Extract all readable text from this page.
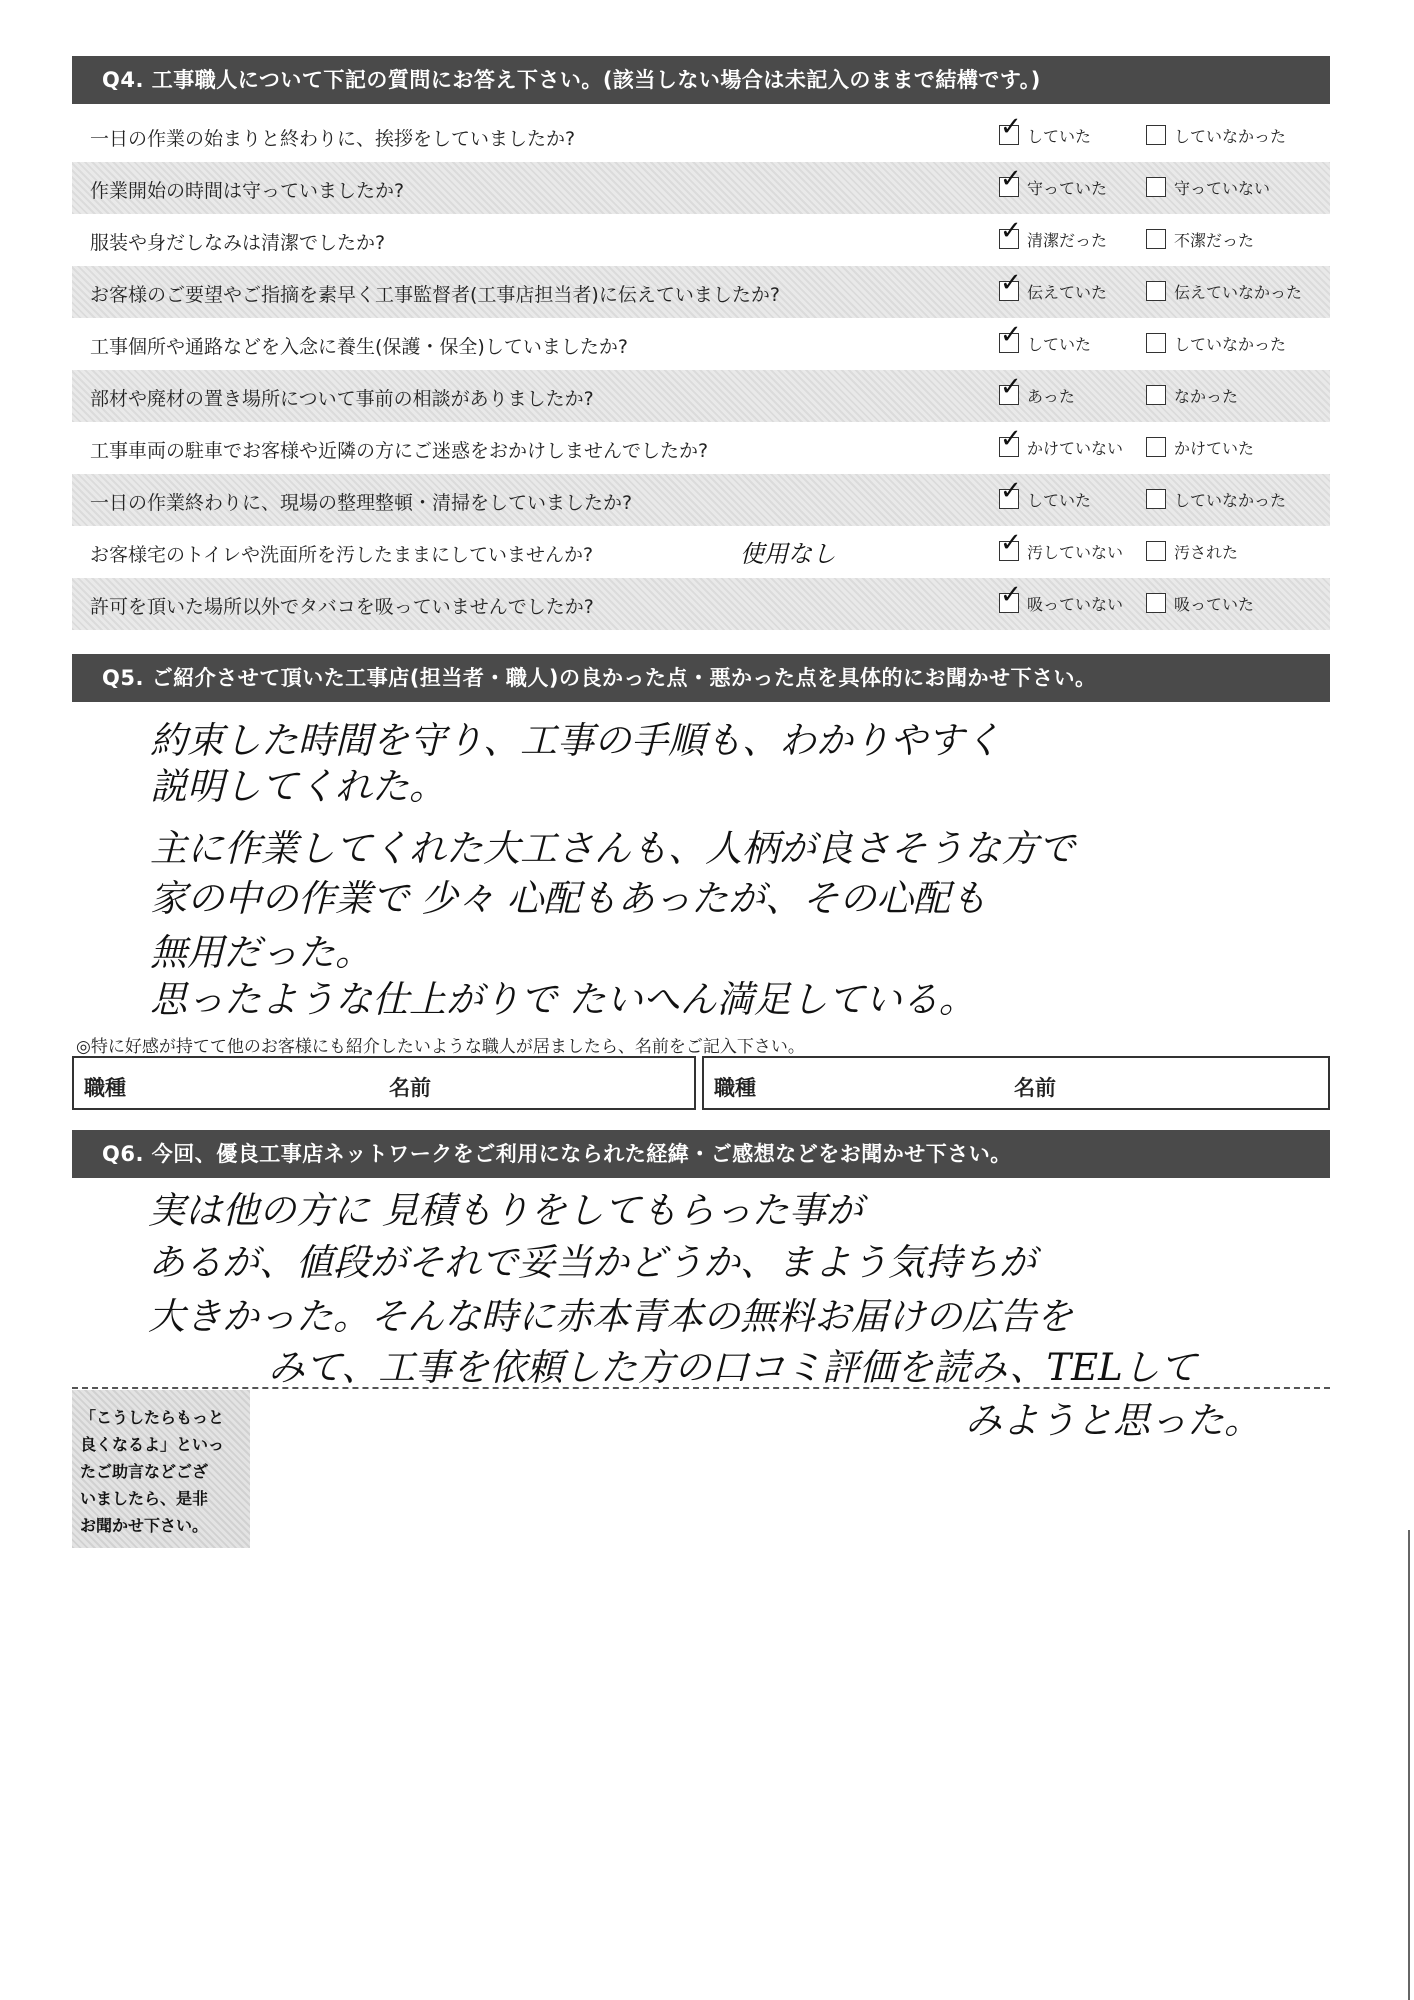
Q4. 工事職人について下記の質問にお答え下さい。(該当しない場合は未記入のままで結構です。)
一日の作業の始まりと終わりに、挨拶をしていましたか?	✓ していた	していなかった
作業開始の時間は守っていましたか?	✓ 守っていた	守っていない
服装や身だしなみは清潔でしたか?	✓ 清潔だった	不潔だった
お客様のご要望やご指摘を素早く工事監督者(工事店担当者)に伝えていましたか?	✓ 伝えていた	伝えていなかった
工事個所や通路などを入念に養生(保護・保全)していましたか?	✓ していた	していなかった
部材や廃材の置き場所について事前の相談がありましたか?	✓ あった	なかった
工事車両の駐車でお客様や近隣の方にご迷惑をおかけしませんでしたか?	✓ かけていない	かけていた
一日の作業終わりに、現場の整理整頓・清掃をしていましたか?	✓ していた	していなかった
お客様宅のトイレや洗面所を汚したままにしていませんか?	使用なし	✓ 汚していない	汚された
許可を頂いた場所以外でタバコを吸っていませんでしたか?	✓ 吸っていない	吸っていた
Q5. ご紹介させて頂いた工事店(担当者・職人)の良かった点・悪かった点を具体的にお聞かせ下さい。
約束した時間を守り、工事の手順も、わかりやすく
説明してくれた。
主に作業してくれた大工さんも、人柄が良さそうな方で
家の中の作業で 少々 心配もあったが、その心配も
無用だった。
思ったような仕上がりで たいへん満足している。
◎特に好感が持てて他のお客様にも紹介したいような職人が居ましたら、名前をご記入下さい。
職種	名前	職種	名前
Q6. 今回、優良工事店ネットワークをご利用になられた経緯・ご感想などをお聞かせ下さい。
実は他の方に 見積もりをしてもらった事が
あるが、値段がそれで妥当かどうか、まよう気持ちが
大きかった。そんな時に赤本青本の無料お届けの広告を
みて、工事を依頼した方の口コミ評価を読み、TELして
みようと思った。
「こうしたらもっと
良くなるよ」といっ
たご助言などござ
いましたら、是非
お聞かせ下さい。
